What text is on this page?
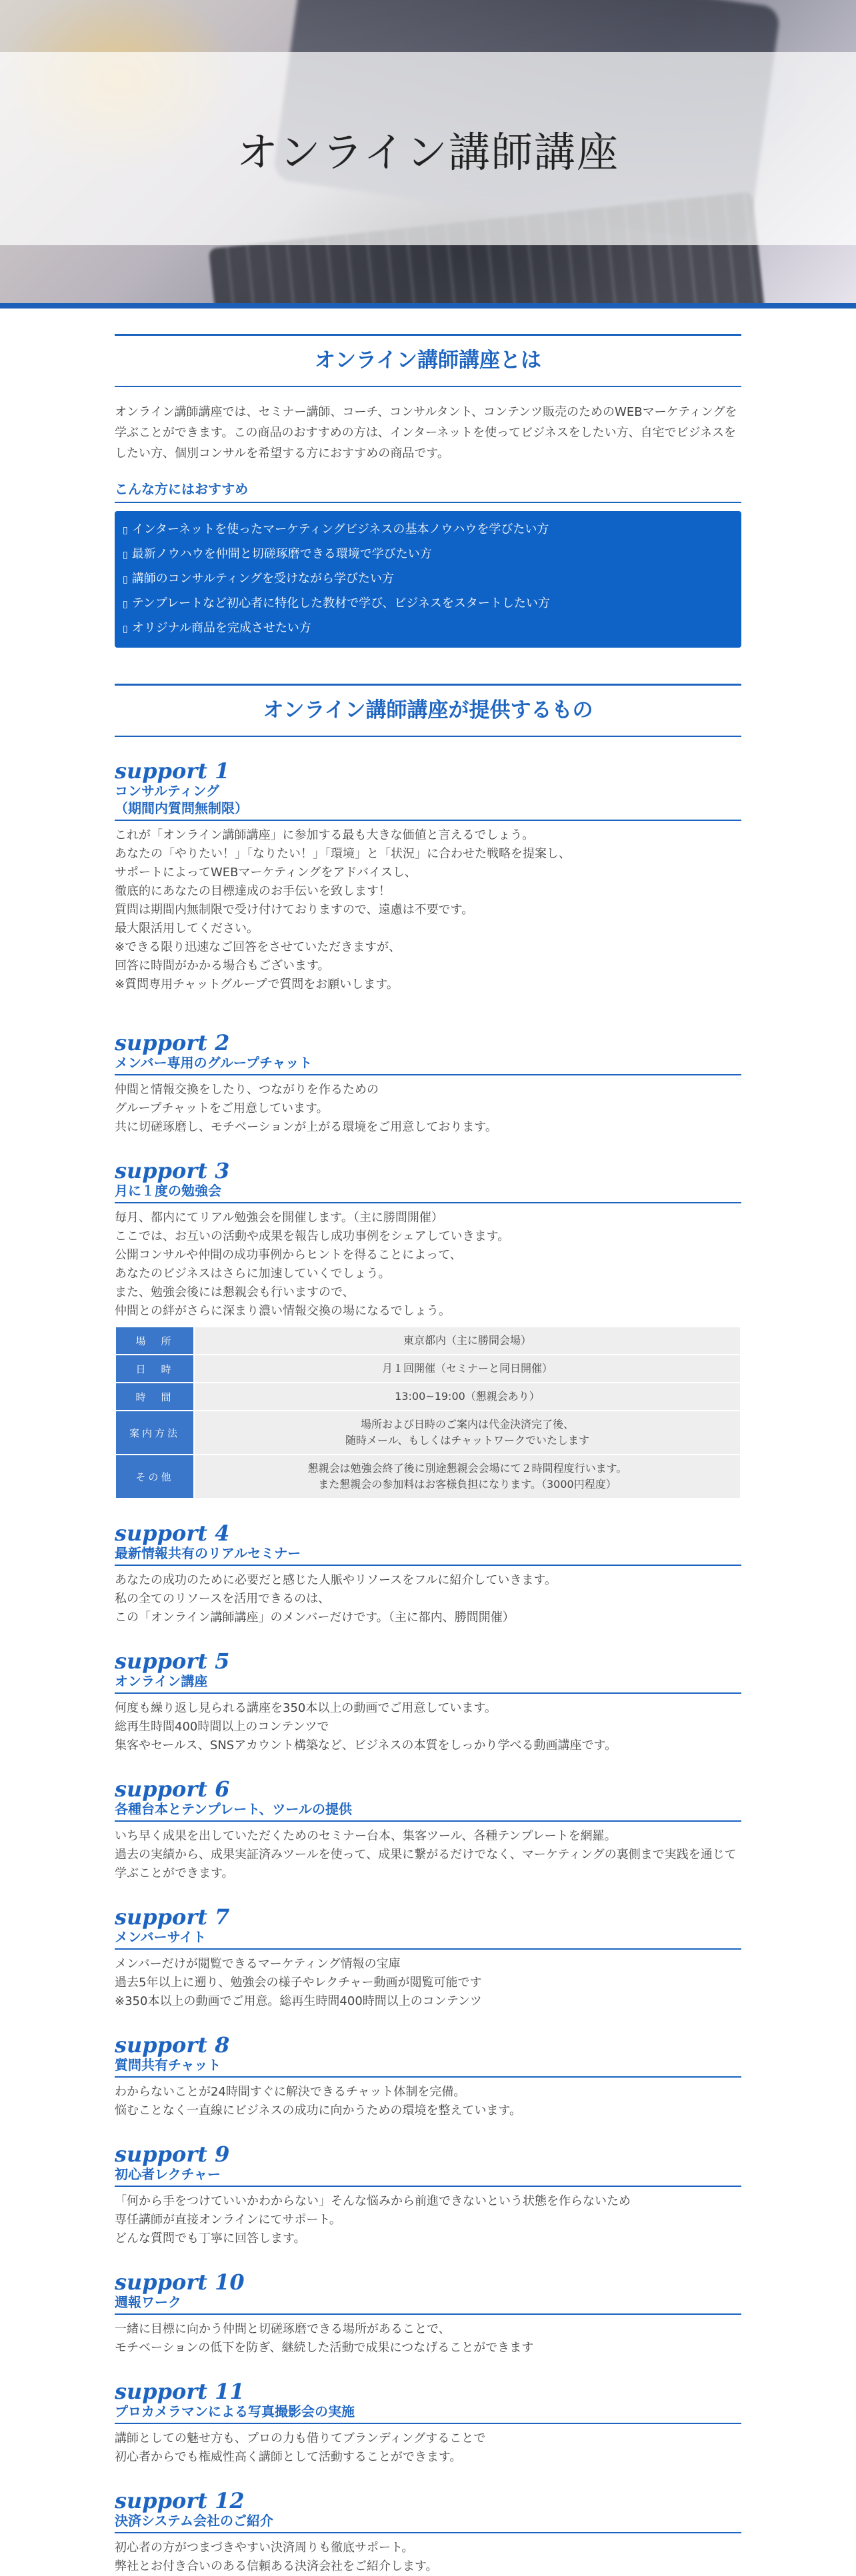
オンライン講師講座
オンライン講師講座とは

オンライン講師講座では、セミナー講師、コーチ、コンサルタント、コンテンツ販売のためのWEBマーケティングを学ぶことができます。この商品のおすすめの方は、インターネットを使ってビジネスをしたい方、自宅でビジネスをしたい方、個別コンサルを希望する方におすすめの商品です。

こんな方にはおすすめ
▯ インターネットを使ったマーケティングビジネスの基本ノウハウを学びたい方
▯ 最新ノウハウを仲間と切磋琢磨できる環境で学びたい方
▯ 講師のコンサルティングを受けながら学びたい方
▯ テンプレートなど初心者に特化した教材で学び、ビジネスをスタートしたい方
▯ オリジナル商品を完成させたい方
オンライン講師講座が提供するもの
support 1
コンサルティング
（期間内質問無制限）
これが「オンライン講師講座」に参加する最も大きな価値と言えるでしょう。
あなたの「やりたい！」「なりたい！」「環境」と「状況」に合わせた戦略を提案し、
サポートによってWEBマーケティングをアドバイスし、
徹底的にあなたの目標達成のお手伝いを致します！
質問は期間内無制限で受け付けておりますので、遠慮は不要です。
最大限活用してください。
※できる限り迅速なご回答をさせていただきますが、
回答に時間がかかる場合もございます。
※質問専用チャットグループで質問をお願いします。
support 2
メンバー専用のグループチャット
仲間と情報交換をしたり、つながりを作るための
グループチャットをご用意しています。
共に切磋琢磨し、モチベーションが上がる環境をご用意しております。
support 3
月に１度の勉強会
毎月、都内にてリアル勉強会を開催します。（主に勝間開催）
ここでは、お互いの活動や成果を報告し成功事例をシェアしていきます。
公開コンサルや仲間の成功事例からヒントを得ることによって、
あなたのビジネスはさらに加速していくでしょう。
また、勉強会後には懇親会も行いますので、
仲間との絆がさらに深まり濃い情報交換の場になるでしょう。
場　所	東京都内（主に勝間会場）
日　時	月１回開催（セミナーと同日開催）
時　間	13:00~19:00（懇親会あり）
案内方法	場所および日時のご案内は代金決済完了後、
随時メール、もしくはチャットワークでいたします
その他	懇親会は勉強会終了後に別途懇親会会場にて２時間程度行います。
また懇親会の参加料はお客様負担になります。（3000円程度）
support 4
最新情報共有のリアルセミナー
あなたの成功のために必要だと感じた人脈やリソースをフルに紹介していきます。
私の全てのリソースを活用できるのは、
この「オンライン講師講座」のメンバーだけです。（主に都内、勝間開催）
support 5
オンライン講座
何度も繰り返し見られる講座を350本以上の動画でご用意しています。
総再生時間400時間以上のコンテンツで
集客やセールス、SNSアカウント構築など、ビジネスの本質をしっかり学べる動画講座です。
support 6
各種台本とテンプレート、ツールの提供
いち早く成果を出していただくためのセミナー台本、集客ツール、各種テンプレートを網羅。
過去の実績から、成果実証済みツールを使って、成果に繋がるだけでなく、マーケティングの裏側まで実践を通じて学ぶことができます。
support 7
メンバーサイト
メンバーだけが閲覧できるマーケティング情報の宝庫
過去5年以上に遡り、勉強会の様子やレクチャー動画が閲覧可能です
※350本以上の動画でご用意。総再生時間400時間以上のコンテンツ
support 8
質問共有チャット
わからないことが24時間すぐに解決できるチャット体制を完備。
悩むことなく一直線にビジネスの成功に向かうための環境を整えています。
support 9
初心者レクチャー
「何から手をつけていいかわからない」そんな悩みから前進できないという状態を作らないため
専任講師が直接オンラインにてサポート。
どんな質問でも丁寧に回答します。
support 10
週報ワーク
一緒に目標に向かう仲間と切磋琢磨できる場所があることで、
モチベーションの低下を防ぎ、継続した活動で成果につなげることができます
support 11
プロカメラマンによる写真撮影会の実施
講師としての魅せ方も、プロの力も借りてブランディングすることで
初心者からでも権威性高く講師として活動することができます。
support 12
決済システム会社のご紹介
初心者の方がつまづきやすい決済周りも徹底サポート。
弊社とお付き合いのある信頼ある決済会社をご紹介します。
